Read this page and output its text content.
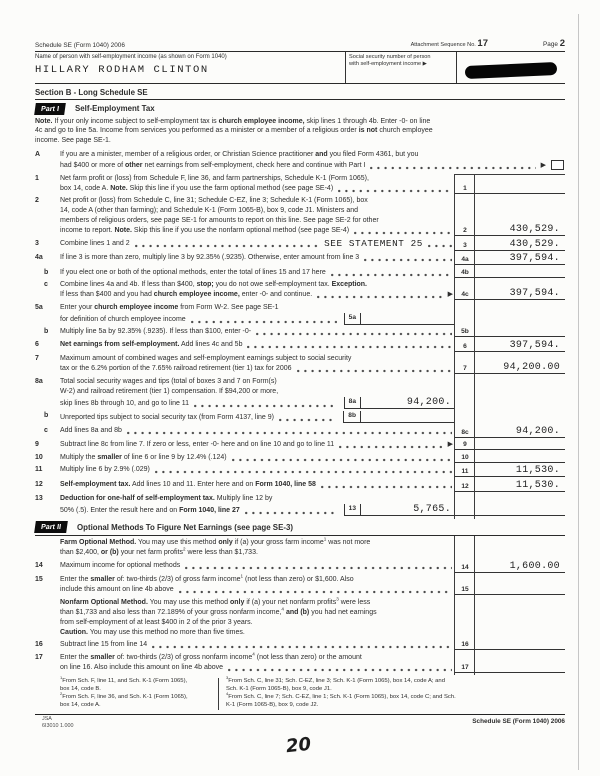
Schedule SE (Form 1040) 2006	Attachment Sequence No. 17	Page 2
Name of person with self-employment income (as shown on Form 1040)
HILLARY RODHAM CLINTON
Social security number of person
with self-employment income ▶
Section B - Long Schedule SE
Part I	Self-Employment Tax
Note. If your only income subject to self-employment tax is church employee income, skip lines 1 through 4b. Enter -0- on line
4c and go to line 5a. Income from services you performed as a minister or a member of a religious order is not church employee
income. See page SE-1.
A	If you are a minister, member of a religious order, or Christian Science practitioner and you filed Form 4361, but you
had $400 or more of other net earnings from self-employment, check here and continue with Part I	▶
1	Net farm profit or (loss) from Schedule F, line 36, and farm partnerships, Schedule K-1 (Form 1065),
box 14, code A. Note. Skip this line if you use the farm optional method (see page SE-4)	1
2	Net profit or (loss) from Schedule C, line 31; Schedule C-EZ, line 3; Schedule K-1 (Form 1065), box
14, code A (other than farming); and Schedule K-1 (Form 1065-B), box 9, code J1. Ministers and
members of religious orders, see page SE-1 for amounts to report on this line. See page SE-2 for other
income to report. Note. Skip this line if you use the nonfarm optional method (see page SE-4)	2	430,529.
3	Combine lines 1 and 2	SEE STATEMENT 25	3	430,529.
4a	If line 3 is more than zero, multiply line 3 by 92.35% (.9235). Otherwise, enter amount from line 3	4a	397,594.
b	If you elect one or both of the optional methods, enter the total of lines 15 and 17 here	4b
c	Combine lines 4a and 4b. If less than $400, stop; you do not owe self-employment tax. Exception.
If less than $400 and you had church employee income, enter -0- and continue.	▶	4c	397,594.
5a	Enter your church employee income from Form W-2. See page SE-1
for definition of church employee income	5a
b	Multiply line 5a by 92.35% (.9235). If less than $100, enter -0-	5b
6	Net earnings from self-employment. Add lines 4c and 5b	6	397,594.
7	Maximum amount of combined wages and self-employment earnings subject to social security
tax or the 6.2% portion of the 7.65% railroad retirement (tier 1) tax for 2006	7	94,200.00
8a	Total social security wages and tips (total of boxes 3 and 7 on Form(s)
W-2) and railroad retirement (tier 1) compensation. If $94,200 or more,
skip lines 8b through 10, and go to line 11	8a	94,200.
b	Unreported tips subject to social security tax (from Form 4137, line 9)	8b
c	Add lines 8a and 8b	8c	94,200.
9	Subtract line 8c from line 7. If zero or less, enter -0- here and on line 10 and go to line 11	▶	9
10	Multiply the smaller of line 6 or line 9 by 12.4% (.124)	10
11	Multiply line 6 by 2.9% (.029)	11	11,530.
12	Self-employment tax. Add lines 10 and 11. Enter here and on Form 1040, line 58	12	11,530.
13	Deduction for one-half of self-employment tax. Multiply line 12 by
50% (.5). Enter the result here and on Form 1040, line 27	13	5,765.
Part II	Optional Methods To Figure Net Earnings (see page SE-3)
Farm Optional Method. You may use this method only if (a) your gross farm income$^1$ was not more
than $2,400, or (b) your net farm profits$^2$ were less than $1,733.
14	Maximum income for optional methods	14	1,600.00
15	Enter the smaller of: two-thirds (2/3) of gross farm income$^1$ (not less than zero) or $1,600. Also
include this amount on line 4b above	15
Nonfarm Optional Method. You may use this method only if (a) your net nonfarm profits$^3$ were less
than $1,733 and also less than 72.189% of your gross nonfarm income,$^4$ and (b) you had net earnings
from self-employment of at least $400 in 2 of the prior 3 years.
Caution. You may use this method no more than five times.
16	Subtract line 15 from line 14	16
17	Enter the smaller of: two-thirds (2/3) of gross nonfarm income$^4$ (not less than zero) or the amount
on line 16. Also include this amount on line 4b above	17
$^1$From Sch. F, line 11, and Sch. K-1 (Form 1065),
box 14, code B.
$^2$From Sch. F, line 36, and Sch. K-1 (Form 1065),
box 14, code A.
$^3$From Sch. C, line 31; Sch. C-EZ, line 3; Sch. K-1 (Form 1065), box 14, code A; and
Sch. K-1 (Form 1065-B), box 9, code J1.
$^4$From Sch. C, line 7; Sch. C-EZ, line 1; Sch. K-1 (Form 1065), box 14, code C; and Sch.
K-1 (Form 1065-B), box 9, code J2.
Schedule SE (Form 1040) 2006
JSA
6I3010 1.000
20
